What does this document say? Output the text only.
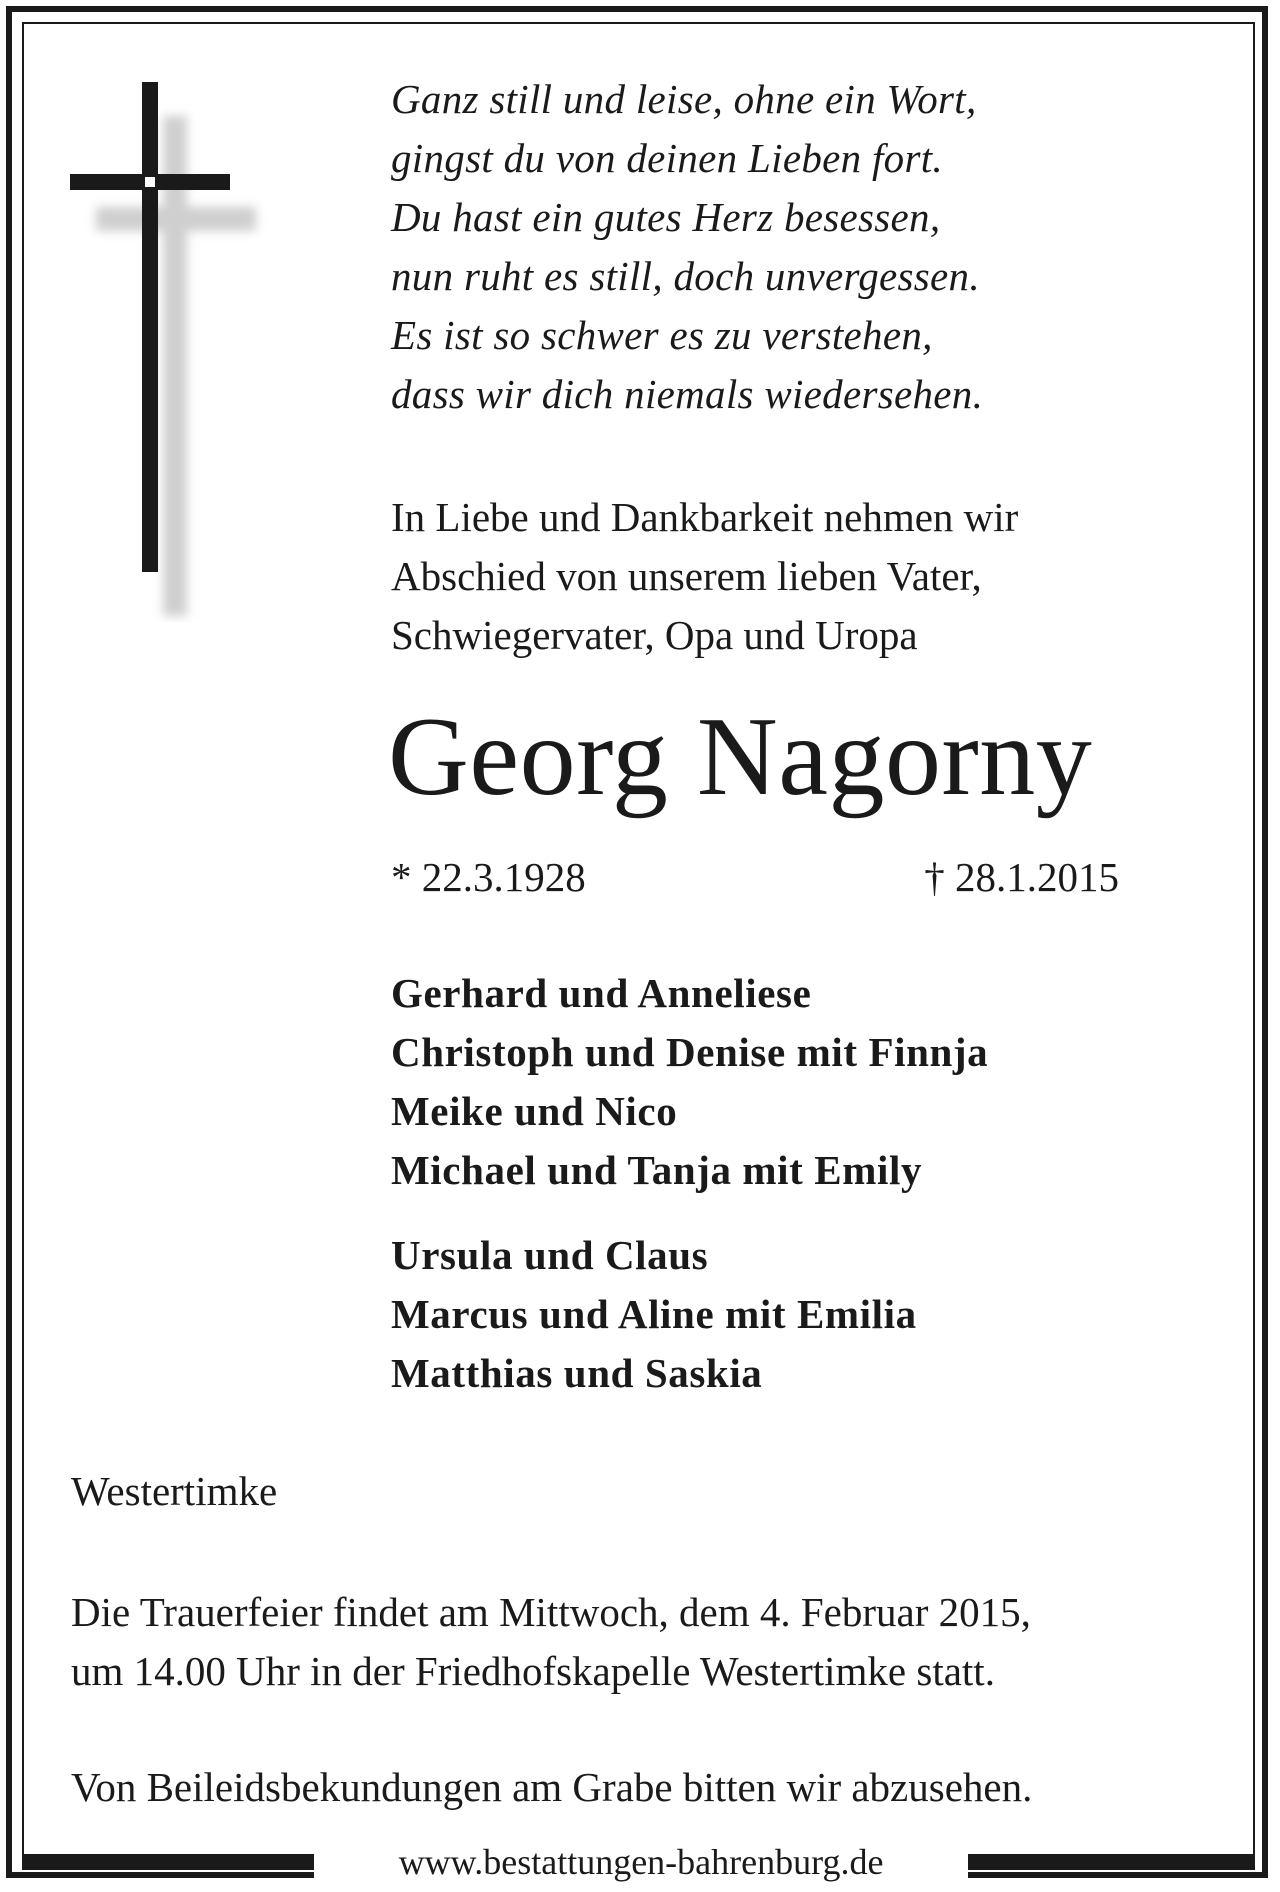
Ganz still und leise, ohne ein Wort,
gingst du von deinen Lieben fort.
Du hast ein gutes Herz besessen,
nun ruht es still, doch unvergessen.
Es ist so schwer es zu verstehen,
dass wir dich niemals wiedersehen.
In Liebe und Dankbarkeit nehmen wir
Abschied von unserem lieben Vater,
Schwiegervater, Opa und Uropa
Georg Nagorny
* 22.3.1928	† 28.1.2015
Gerhard und Anneliese
Christoph und Denise mit Finnja
Meike und Nico
Michael und Tanja mit Emily
Ursula und Claus
Marcus und Aline mit Emilia
Matthias und Saskia
Westertimke
Die Trauerfeier findet am Mittwoch, dem 4. Februar 2015,
um 14.00 Uhr in der Friedhofskapelle Westertimke statt.
Von Beileidsbekundungen am Grabe bitten wir abzusehen.
www.bestattungen-bahrenburg.de
